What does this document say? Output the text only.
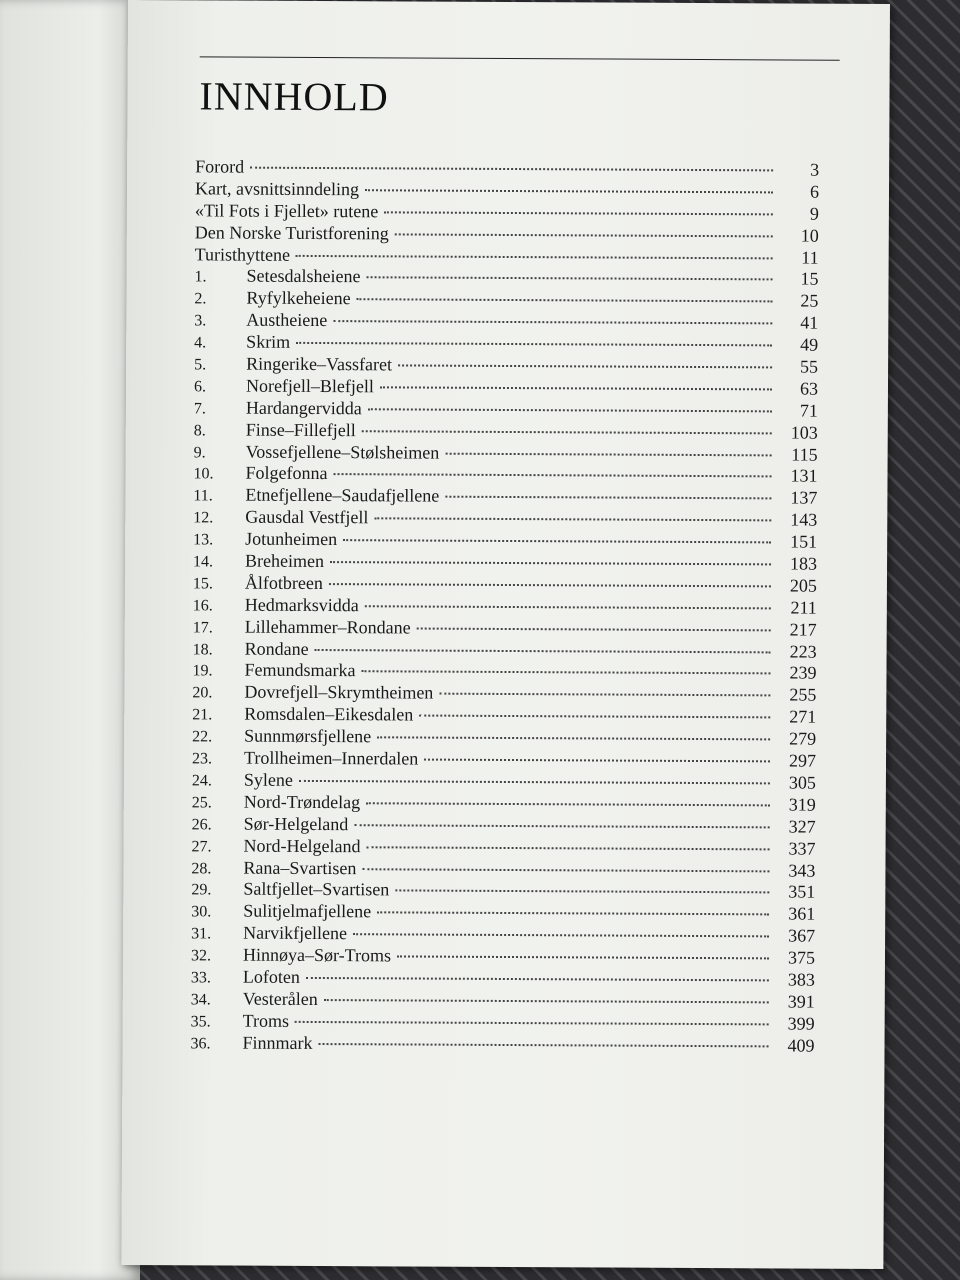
INNHOLD
Forord	3
Kart, avsnittsinndeling	6
«Til Fots i Fjellet» rutene	9
Den Norske Turistforening	10
Turisthyttene	11
1.	Setesdalsheiene	15
2.	Ryfylkeheiene	25
3.	Austheiene	41
4.	Skrim	49
5.	Ringerike–Vassfaret	55
6.	Norefjell–Blefjell	63
7.	Hardangervidda	71
8.	Finse–Fillefjell	103
9.	Vossefjellene–Stølsheimen	115
10.	Folgefonna	131
11.	Etnefjellene–Saudafjellene	137
12.	Gausdal Vestfjell	143
13.	Jotunheimen	151
14.	Breheimen	183
15.	Ålfotbreen	205
16.	Hedmarksvidda	211
17.	Lillehammer–Rondane	217
18.	Rondane	223
19.	Femundsmarka	239
20.	Dovrefjell–Skrymtheimen	255
21.	Romsdalen–Eikesdalen	271
22.	Sunnmørsfjellene	279
23.	Trollheimen–Innerdalen	297
24.	Sylene	305
25.	Nord-Trøndelag	319
26.	Sør-Helgeland	327
27.	Nord-Helgeland	337
28.	Rana–Svartisen	343
29.	Saltfjellet–Svartisen	351
30.	Sulitjelmafjellene	361
31.	Narvikfjellene	367
32.	Hinnøya–Sør-Troms	375
33.	Lofoten	383
34.	Vesterålen	391
35.	Troms	399
36.	Finnmark	409
